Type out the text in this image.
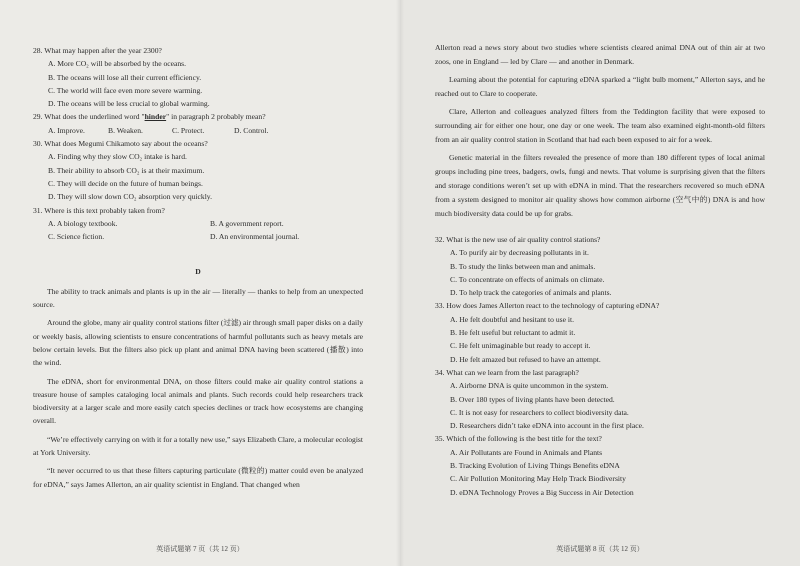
28. What may happen after the year 2300?
A. More CO₂ will be absorbed by the oceans.
B. The oceans will lose all their current efficiency.
C. The world will face even more severe warming.
D. The oceans will be less crucial to global warming.
29. What does the underlined word "hinder" in paragraph 2 probably mean?
A. Improve.	B. Weaken.	C. Protect.	D. Control.
30. What does Megumi Chikamoto say about the oceans?
A. Finding why they slow CO₂ intake is hard.
B. Their ability to absorb CO₂ is at their maximum.
C. They will decide on the future of human beings.
D. They will slow down CO₂ absorption very quickly.
31. Where is this text probably taken from?
A. A biology textbook.	B. A government report.
C. Science fiction.	D. An environmental journal.
D
The ability to track animals and plants is up in the air — literally — thanks to help from an unexpected source.
Around the globe, many air quality control stations filter (过滤) air through small paper disks on a daily or weekly basis, allowing scientists to ensure concentrations of harmful pollutants such as heavy metals are below certain levels. But the filters also pick up plant and animal DNA having been scattered (播散) into the wind.
The eDNA, short for environmental DNA, on those filters could make air quality control stations a treasure house of samples cataloging local animals and plants. Such records could help researchers track biodiversity at a larger scale and more easily catch species declines or track how ecosystems are changing overall.
“We’re effectively carrying on with it for a totally new use,” says Elizabeth Clare, a molecular ecologist at York University.
“It never occurred to us that these filters capturing particulate (微粒的) matter could even be analyzed for eDNA,” says James Allerton, an air quality scientist in England. That changed when
英语试题第 7 页（共 12 页）
Allerton read a news story about two studies where scientists cleared animal DNA out of thin air at two zoos, one in England — led by Clare — and another in Denmark.
Learning about the potential for capturing eDNA sparked a “light bulb moment,” Allerton says, and he reached out to Clare to cooperate.
Clare, Allerton and colleagues analyzed filters from the Teddington facility that were exposed to surrounding air for either one hour, one day or one week. The team also examined eight-month-old filters from an air quality control station in Scotland that had each been exposed to air for a week.
Genetic material in the filters revealed the presence of more than 180 different types of local animal groups including pine trees, badgers, owls, fungi and newts. That volume is surprising given that the filters and storage conditions weren’t set up with eDNA in mind. That the researchers recovered so much eDNA from a system designed to monitor air quality shows how common airborne (空气中的) DNA is and how much biodiversity data could be up for grabs.
32. What is the new use of air quality control stations?
A. To purify air by decreasing pollutants in it.
B. To study the links between man and animals.
C. To concentrate on effects of animals on climate.
D. To help track the categories of animals and plants.
33. How does James Allerton react to the technology of capturing eDNA?
A. He felt doubtful and hesitant to use it.
B. He felt useful but reluctant to admit it.
C. He felt unimaginable but ready to accept it.
D. He felt amazed but refused to have an attempt.
34. What can we learn from the last paragraph?
A. Airborne DNA is quite uncommon in the system.
B. Over 180 types of living plants have been detected.
C. It is not easy for researchers to collect biodiversity data.
D. Researchers didn’t take eDNA into account in the first place.
35. Which of the following is the best title for the text?
A. Air Pollutants are Found in Animals and Plants
B. Tracking Evolution of Living Things Benefits eDNA
C. Air Pollution Monitoring May Help Track Biodiversity
D. eDNA Technology Proves a Big Success in Air Detection
英语试题第 8 页（共 12 页）
